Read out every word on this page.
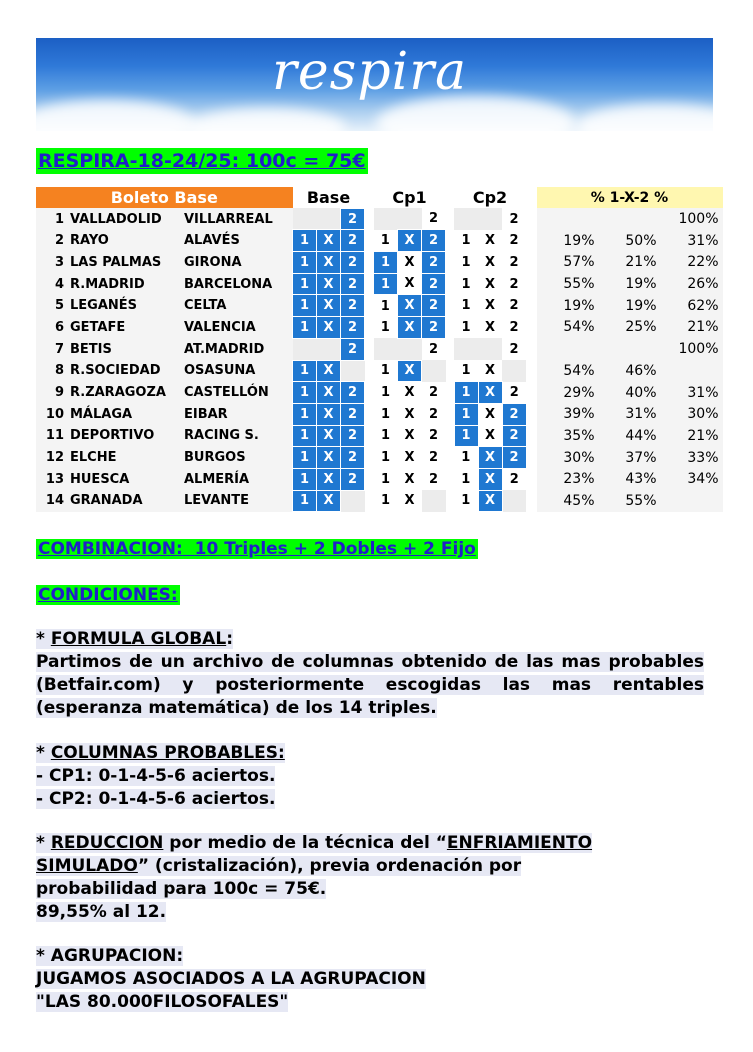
respira
RESPIRA-18-24/25: 100c = 75€
Boleto Base			Base				Cp1				Cp2				% 1-X-2 %		
1	VALLADOLID	VILLARREAL			2				2				2				100%
2	RAYO	ALAVÉS	1	X	2		1	X	2		1	X	2		19%	50%	31%
3	LAS PALMAS	GIRONA	1	X	2		1	X	2		1	X	2		57%	21%	22%
4	R.MADRID	BARCELONA	1	X	2		1	X	2		1	X	2		55%	19%	26%
5	LEGANÉS	CELTA	1	X	2		1	X	2		1	X	2		19%	19%	62%
6	GETAFE	VALENCIA	1	X	2		1	X	2		1	X	2		54%	25%	21%
7	BETIS	AT.MADRID			2				2				2				100%
8	R.SOCIEDAD	OSASUNA	1	X			1	X			1	X			54%	46%	
9	R.ZARAGOZA	CASTELLÓN	1	X	2		1	X	2		1	X	2		29%	40%	31%
10	MÁLAGA	EIBAR	1	X	2		1	X	2		1	X	2		39%	31%	30%
11	DEPORTIVO	RACING S.	1	X	2		1	X	2		1	X	2		35%	44%	21%
12	ELCHE	BURGOS	1	X	2		1	X	2		1	X	2		30%	37%	33%
13	HUESCA	ALMERÍA	1	X	2		1	X	2		1	X	2		23%	43%	34%
14	GRANADA	LEVANTE	1	X			1	X			1	X			45%	55%	
COMBINACION: 10 Triples + 2 Dobles + 2 Fijo
CONDICIONES:
* FORMULA GLOBAL:
Partimos de un archivo de columnas obtenido de las mas probables (Betfair.com) y posteriormente escogidas las mas rentables (esperanza matemática) de los 14 triples.
* COLUMNAS PROBABLES:
- CP1: 0-1-4-5-6 aciertos.
- CP2: 0-1-4-5-6 aciertos.
* REDUCCION por medio de la técnica del “ENFRIAMIENTO
SIMULADO” (cristalización), previa ordenación por
probabilidad para 100c = 75€.
89,55% al 12.
* AGRUPACION:
JUGAMOS ASOCIADOS A LA AGRUPACION
"LAS 80.000FILOSOFALES"
